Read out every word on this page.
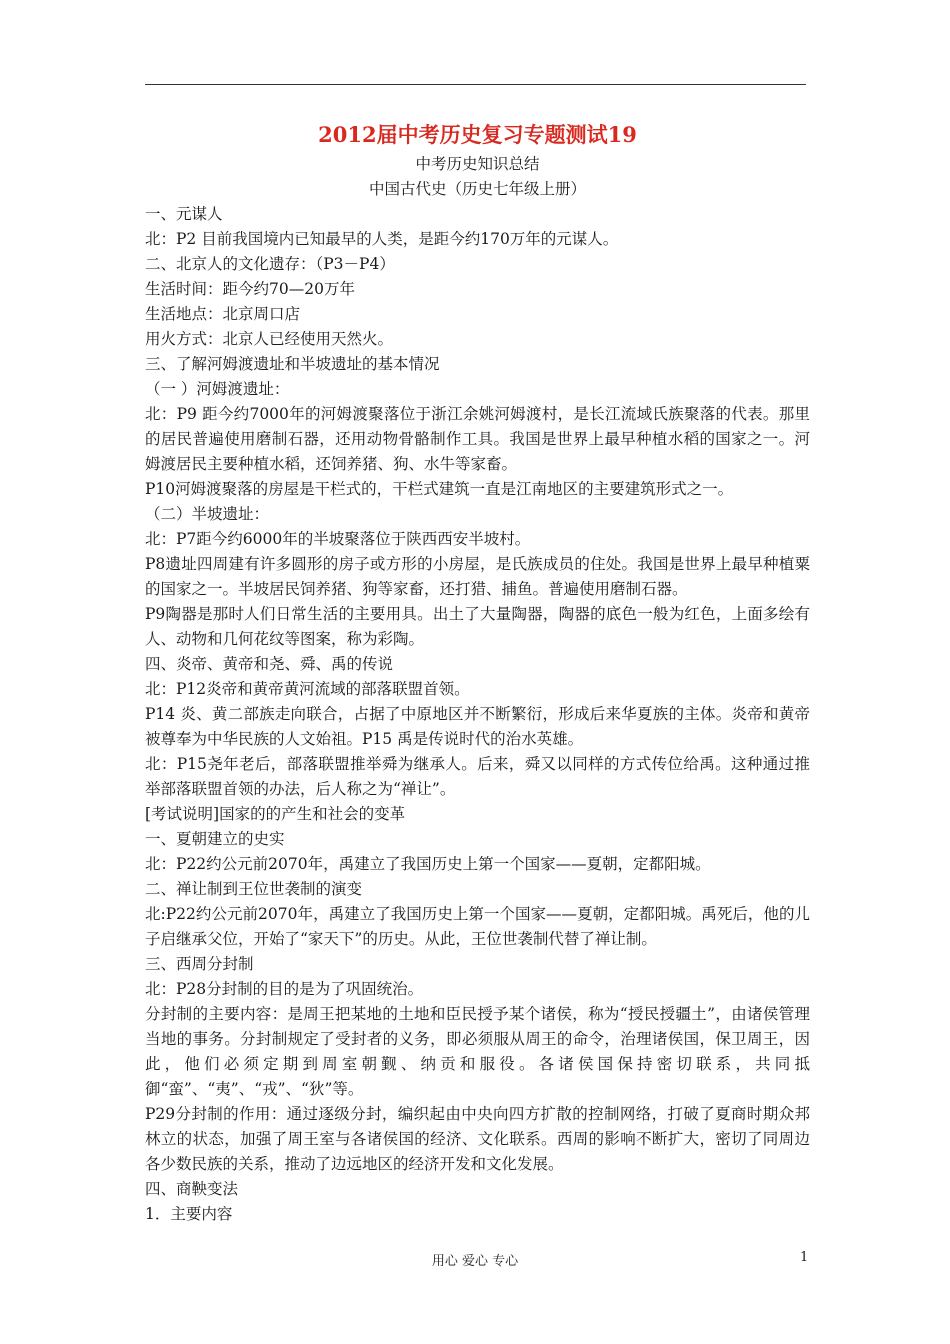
2012届中考历史复习专题测试19
中考历史知识总结
中国古代史（历史七年级上册）
一、元谋人
北：P2 目前我国境内已知最早的人类，是距今约170万年的元谋人。
二、北京人的文化遗存：（P3－P4）
生活时间：距今约70—20万年
生活地点：北京周口店
用火方式：北京人已经使用天然火。
三、了解河姆渡遗址和半坡遗址的基本情况
（一 ）河姆渡遗址：
北：P9 距今约7000年的河姆渡聚落位于浙江余姚河姆渡村，是长江流域氏族聚落的代表。那里的居民普遍使用磨制石器，还用动物骨骼制作工具。我国是世界上最早种植水稻的国家之一。河姆渡居民主要种植水稻，还饲养猪、狗、水牛等家畜。
P10河姆渡聚落的房屋是干栏式的，干栏式建筑一直是江南地区的主要建筑形式之一。
（二）半坡遗址：
北：P7距今约6000年的半坡聚落位于陕西西安半坡村。
P8遗址四周建有许多圆形的房子或方形的小房屋，是氏族成员的住处。我国是世界上最早种植粟的国家之一。半坡居民饲养猪、狗等家畜，还打猎、捕鱼。普遍使用磨制石器。
P9陶器是那时人们日常生活的主要用具。出土了大量陶器，陶器的底色一般为红色，上面多绘有人、动物和几何花纹等图案，称为彩陶。
四、炎帝、黄帝和尧、舜、禹的传说
北：P12炎帝和黄帝黄河流域的部落联盟首领。
P14 炎、黄二部族走向联合，占据了中原地区并不断繁衍，形成后来华夏族的主体。炎帝和黄帝被尊奉为中华民族的人文始祖。P15 禹是传说时代的治水英雄。
北：P15尧年老后，部落联盟推举舜为继承人。后来，舜又以同样的方式传位给禹。这种通过推举部落联盟首领的办法，后人称之为“禅让”。
[考试说明]国家的的产生和社会的变革
一、夏朝建立的史实
北：P22约公元前2070年，禹建立了我国历史上第一个国家——夏朝，定都阳城。
二、禅让制到王位世袭制的演变
北:P22约公元前2070年，禹建立了我国历史上第一个国家——夏朝，定都阳城。禹死后，他的儿子启继承父位，开始了“家天下”的历史。从此，王位世袭制代替了禅让制。
三、西周分封制
北：P28分封制的目的是为了巩固统治。
分封制的主要内容：是周王把某地的土地和臣民授予某个诸侯，称为“授民授疆土”，由诸侯管理当地的事务。分封制规定了受封者的义务，即必须服从周王的命令，治理诸侯国，保卫周王，因此，他们必须定期到周室朝觐、纳贡和服役。各诸侯国保持密切联系，共同抵御“蛮”、“夷”、“戎”、“狄”等。
P29分封制的作用：通过逐级分封，编织起由中央向四方扩散的控制网络，打破了夏商时期众邦林立的状态，加强了周王室与各诸侯国的经济、文化联系。西周的影响不断扩大，密切了同周边各少数民族的关系，推动了边远地区的经济开发和文化发展。
四、商鞅变法
1．主要内容
用心 爱心 专心	1
